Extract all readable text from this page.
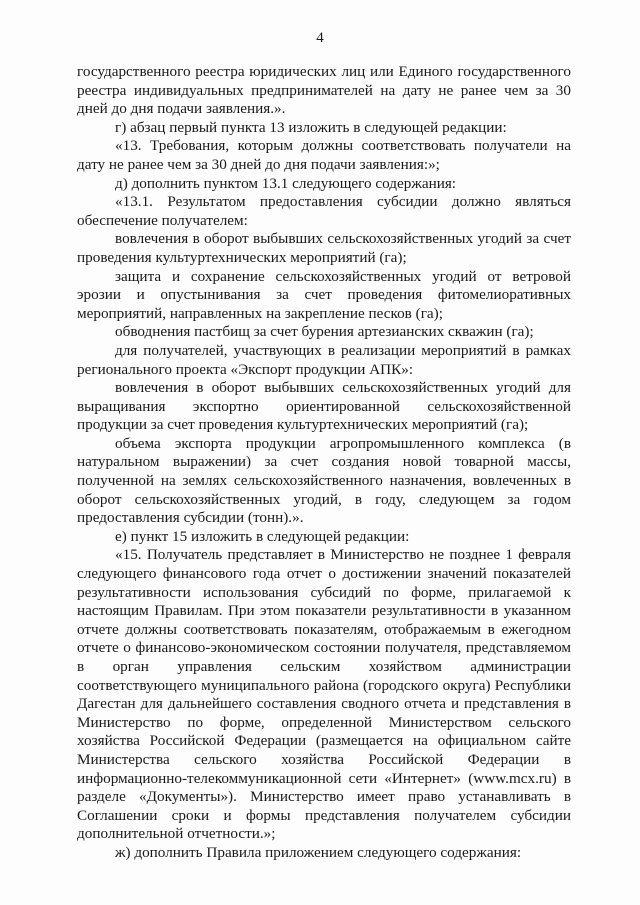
4

государственного реестра юридических лиц или Единого государственного реестра индивидуальных предпринимателей на дату не ранее чем за 30 дней до дня подачи заявления.».

г) абзац первый пункта 13 изложить в следующей редакции:

«13. Требования, которым должны соответствовать получатели на дату не ранее чем за 30 дней до дня подачи заявления:»;

д) дополнить пунктом 13.1 следующего содержания:

«13.1. Результатом предоставления субсидии должно являться обеспечение получателем:

вовлечения в оборот выбывших сельскохозяйственных угодий за счет проведения культуртехнических мероприятий (га);

защита и сохранение сельскохозяйственных угодий от ветровой эрозии и опустынивания за счет проведения фитомелиоративных мероприятий, направленных на закрепление песков (га);

обводнения пастбищ за счет бурения артезианских скважин (га);

для получателей, участвующих в реализации мероприятий в рамках регионального проекта «Экспорт продукции АПК»:

вовлечения в оборот выбывших сельскохозяйственных угодий для выращивания экспортно ориентированной сельскохозяйственной продукции за счет проведения культуртехнических мероприятий (га);

объема экспорта продукции агропромышленного комплекса (в натуральном выражении) за счет создания новой товарной массы, полученной на землях сельскохозяйственного назначения, вовлеченных в оборот сельскохозяйственных угодий, в году, следующем за годом предоставления субсидии (тонн).».

е) пункт 15 изложить в следующей редакции:

«15. Получатель представляет в Министерство не позднее 1 февраля следующего финансового года отчет о достижении значений показателей результативности использования субсидий по форме, прилагаемой к настоящим Правилам. При этом показатели результативности в указанном отчете должны соответствовать показателям, отображаемым в ежегодном отчете о финансово-экономическом состоянии получателя, представляемом в орган управления сельским хозяйством администрации соответствующего муниципального района (городского округа) Республики Дагестан для дальнейшего составления сводного отчета и представления в Министерство по форме, определенной Министерством сельского хозяйства Российской Федерации (размещается на официальном сайте Министерства сельского хозяйства Российской Федерации в информационно-телекоммуникационной сети «Интернет» (www.mcx.ru) в разделе «Документы»). Министерство имеет право устанавливать в Соглашении сроки и формы представления получателем субсидии дополнительной отчетности.»;

ж) дополнить Правила приложением следующего содержания:
